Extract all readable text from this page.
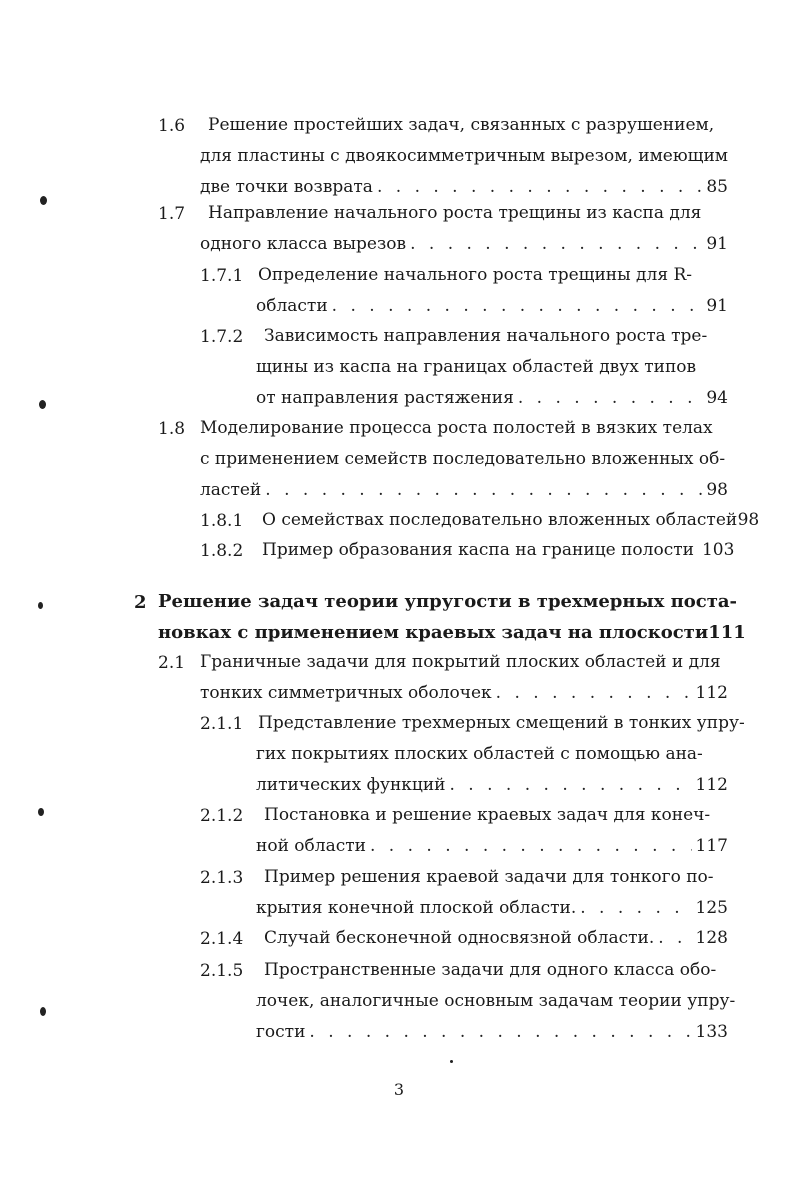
1.6	Решение простейших задач, связанных с разрушением,
для пластины с двоякосимметричным вырезом, имеющим
две точки возврата . . .	85
1.7	Направление начального роста трещины из каспа для
одного класса вырезов . . .	91
1.7.1 Определение начального роста трещины для R-
области . . .	91
1.7.2	Зависимость направления начального роста тре-
щины из каспа на границах областей двух типов
от направления растяжения . . .	94
1.8 Моделирование процесса роста полостей в вязких телах
с применением семейств последовательно вложенных об-
ластей . . .	98
1.8.1 О семействах последовательно вложенных областей 98
1.8.2 Пример образования каспа на границе полости 103
2 Решение задач теории упругости в трехмерных поста-
новках с применением краевых задач на плоскости 111
2.1 Граничные задачи для покрытий плоских областей и для
тонких симметричных оболочек . . .	112
2.1.1 Представление трехмерных смещений в тонких упру-
гих покрытиях плоских областей с помощью ана-
литических функций . . .	112
2.1.2	Постановка и решение краевых задач для конеч-
ной области . . .	117
2.1.3	Пример решения краевой задачи для тонкого по-
крытия конечной плоской области. . . .	125
2.1.4 Случай бесконечной односвязной области. . . . 128
2.1.5	Пространственные задачи для одного класса обо-
лочек, аналогичные основным задачам теории упру-
гости . . .	133
3
